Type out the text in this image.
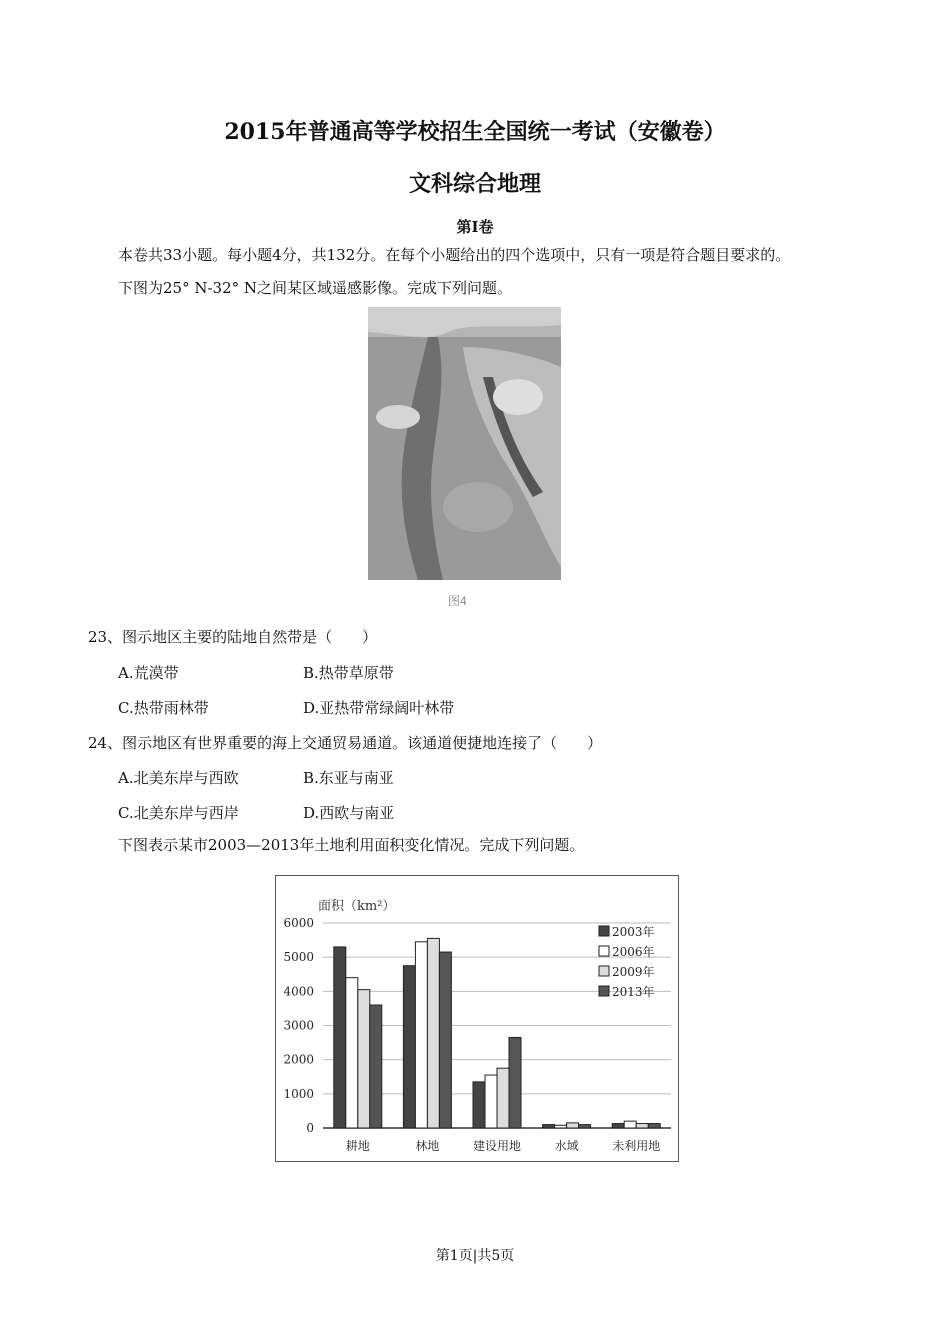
2015年普通高等学校招生全国统一考试（安徽卷）
文科综合地理
第Ⅰ卷
本卷共33小题。每小题4分，共132分。在每个小题给出的四个选项中，只有一项是符合题目要求的。
下图为25° N-32° N之间某区域遥感影像。完成下列问题。
图4
23、图示地区主要的陆地自然带是（　　）
A.荒漠带	B.热带草原带
C.热带雨林带	D.亚热带常绿阔叶林带
24、图示地区有世界重要的海上交通贸易通道。该通道便捷地连接了（　　）
A.北美东岸与西欧	B.东亚与南亚
C.北美东岸与西岸	D.西欧与南亚
下图表示某市2003—2013年土地利用面积变化情况。完成下列问题。
面积（km²）
0
1000
2000
3000
4000
5000
6000
耕地	林地	建设用地	水域	未利用地
2003年
2006年
2009年
2013年
第1页|共5页
